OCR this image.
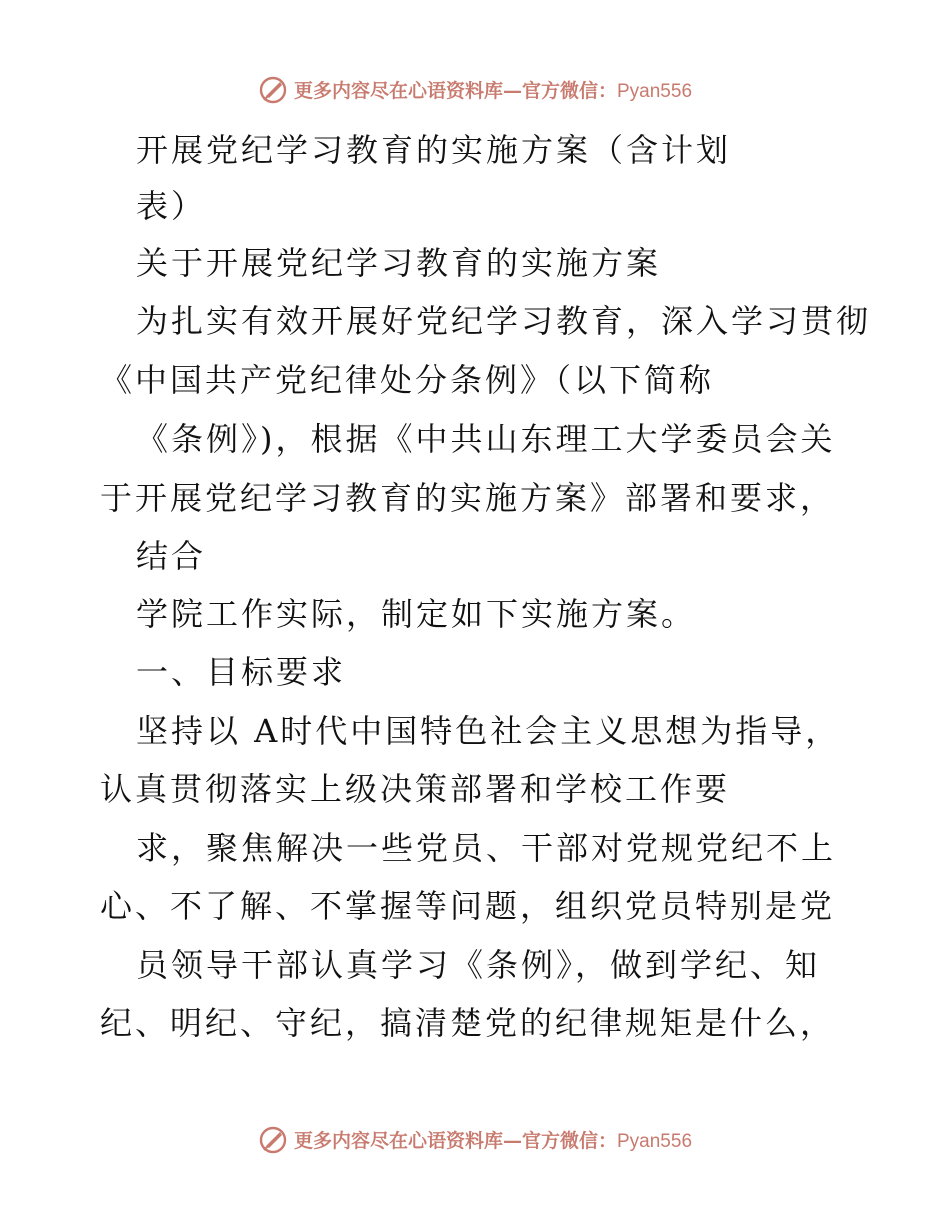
更多内容尽在心语资料库—官方微信：Pyan556
开展党纪学习教育的实施方案（含计划
表）
关于开展党纪学习教育的实施方案
为扎实有效开展好党纪学习教育，深入学习贯彻
《中国共产党纪律处分条例》（以下简称
《条例》)，根据《中共山东理工大学委员会关
于开展党纪学习教育的实施方案》部署和要求，
结合
学院工作实际，制定如下实施方案。
一、目标要求
坚持以 A时代中国特色社会主义思想为指导，
认真贯彻落实上级决策部署和学校工作要
求，聚焦解决一些党员、干部对党规党纪不上
心、不了解、不掌握等问题，组织党员特别是党
员领导干部认真学习《条例》，做到学纪、知
纪、明纪、守纪，搞清楚党的纪律规矩是什么，
更多内容尽在心语资料库—官方微信：Pyan556
